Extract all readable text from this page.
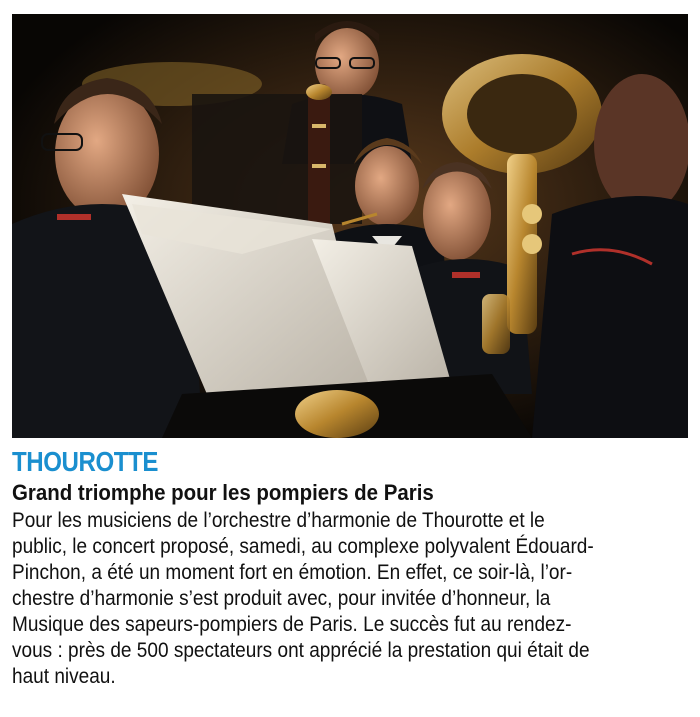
THOUROTTE
Grand triomphe pour les pompiers de Paris
Pour les musiciens de l’orchestre d’harmonie de Thourotte et le
public, le concert proposé, samedi, au complexe polyvalent Édouard-
Pinchon, a été un moment fort en émotion. En effet, ce soir-là, l’or-
chestre d’harmonie s’est produit avec, pour invitée d’honneur, la
Musique des sapeurs-pompiers de Paris. Le succès fut au rendez-
vous : près de 500 spectateurs ont apprécié la prestation qui était de
haut niveau.
